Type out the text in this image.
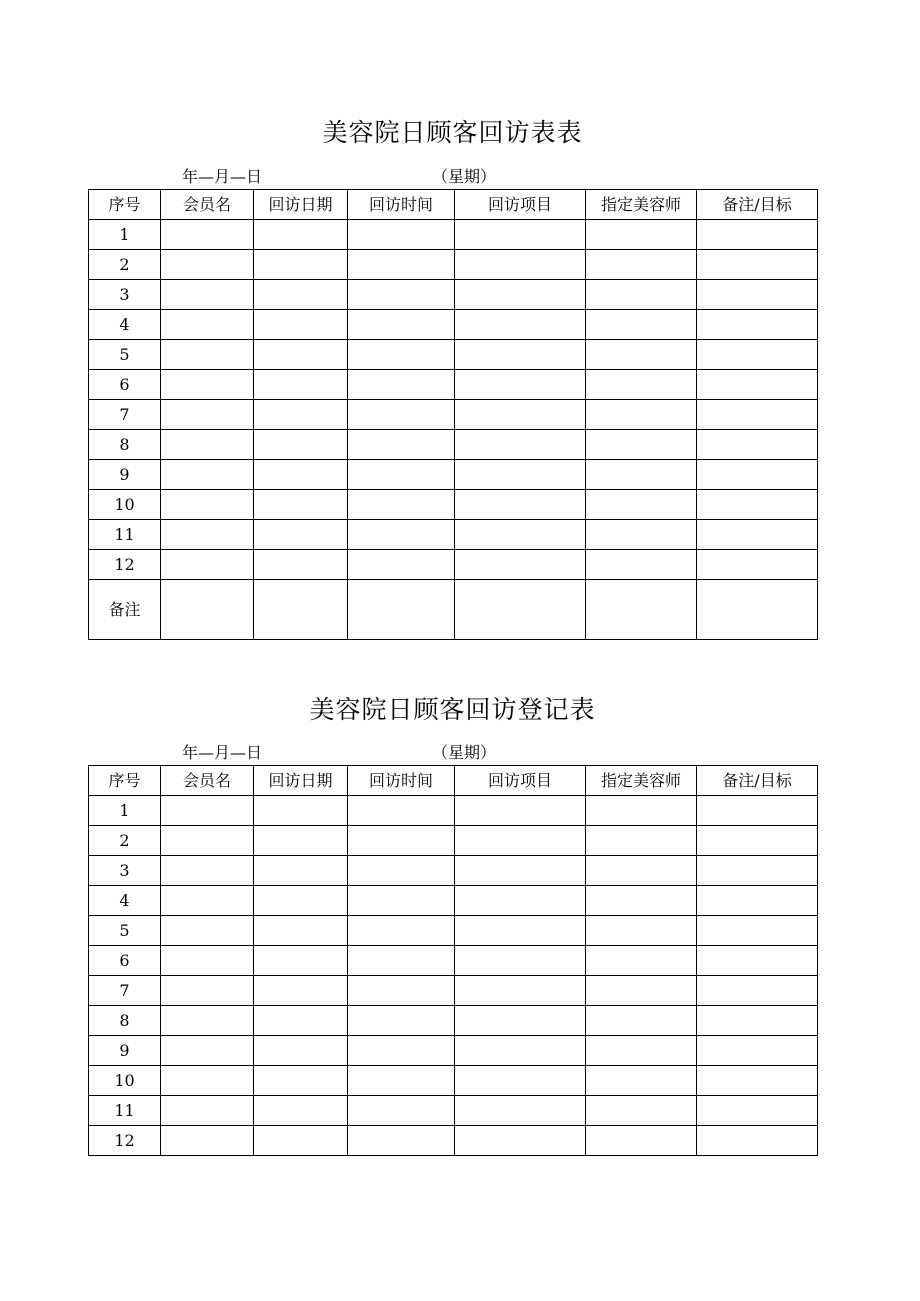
美容院日顾客回访表表
年—月—日	（星期）
序号	会员名	回访日期	回访时间	回访项目	指定美容师	备注/目标
1						
2						
3						
4						
5						
6						
7						
8						
9						
10						
11						
12						
备注						
美容院日顾客回访登记表
年—月—日	（星期）
序号	会员名	回访日期	回访时间	回访项目	指定美容师	备注/目标
1						
2						
3						
4						
5						
6						
7						
8						
9						
10						
11						
12						
